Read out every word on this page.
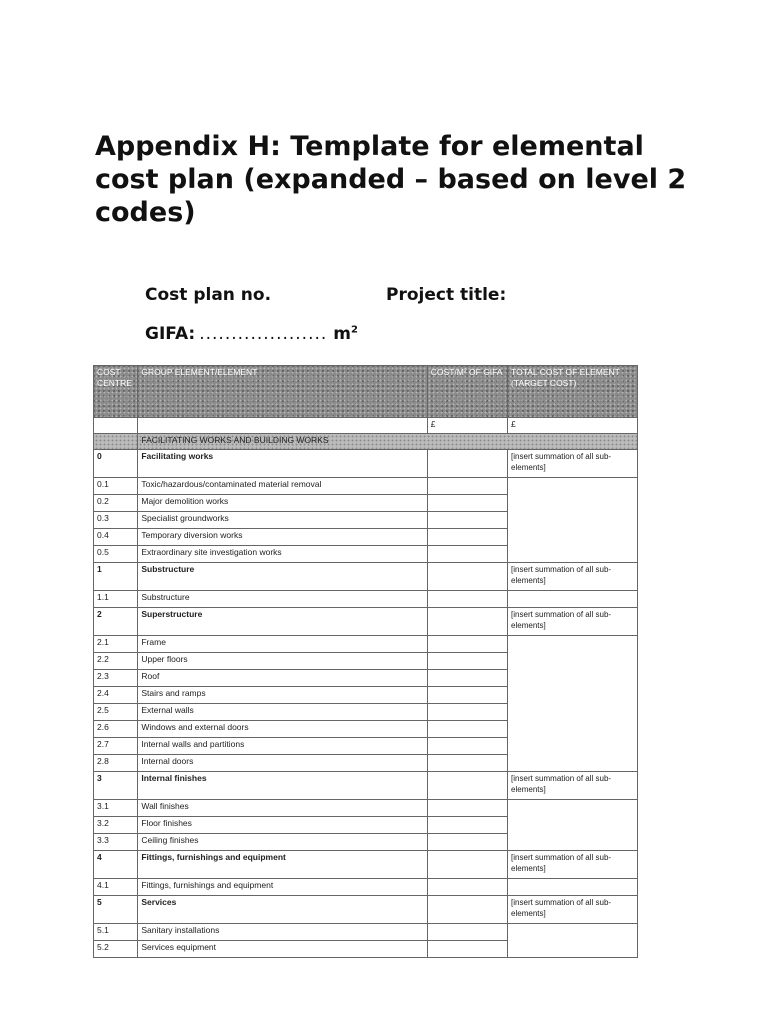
Appendix H: Template for elemental cost plan (expanded – based on level 2 codes)
Cost plan no.	Project title:
GIFA: .................... $m^2$
COST CENTRE	GROUP ELEMENT/ELEMENT	COST/M² OF GIFA	TOTAL COST OF ELEMENT (TARGET COST)
		£	£
	FACILITATING WORKS AND BUILDING WORKS		
0	Facilitating works		[insert summation of all sub-elements]
0.1	Toxic/hazardous/contaminated material removal		
0.2	Major demolition works		
0.3	Specialist groundworks		
0.4	Temporary diversion works		
0.5	Extraordinary site investigation works		
1	Substructure		[insert summation of all sub-elements]
1.1	Substructure		
2	Superstructure		[insert summation of all sub-elements]
2.1	Frame		
2.2	Upper floors		
2.3	Roof		
2.4	Stairs and ramps		
2.5	External walls		
2.6	Windows and external doors		
2.7	Internal walls and partitions		
2.8	Internal doors		
3	Internal finishes		[insert summation of all sub-elements]
3.1	Wall finishes		
3.2	Floor finishes		
3.3	Ceiling finishes		
4	Fittings, furnishings and equipment		[insert summation of all sub-elements]
4.1	Fittings, furnishings and equipment		
5	Services		[insert summation of all sub-elements]
5.1	Sanitary installations		
5.2	Services equipment		
